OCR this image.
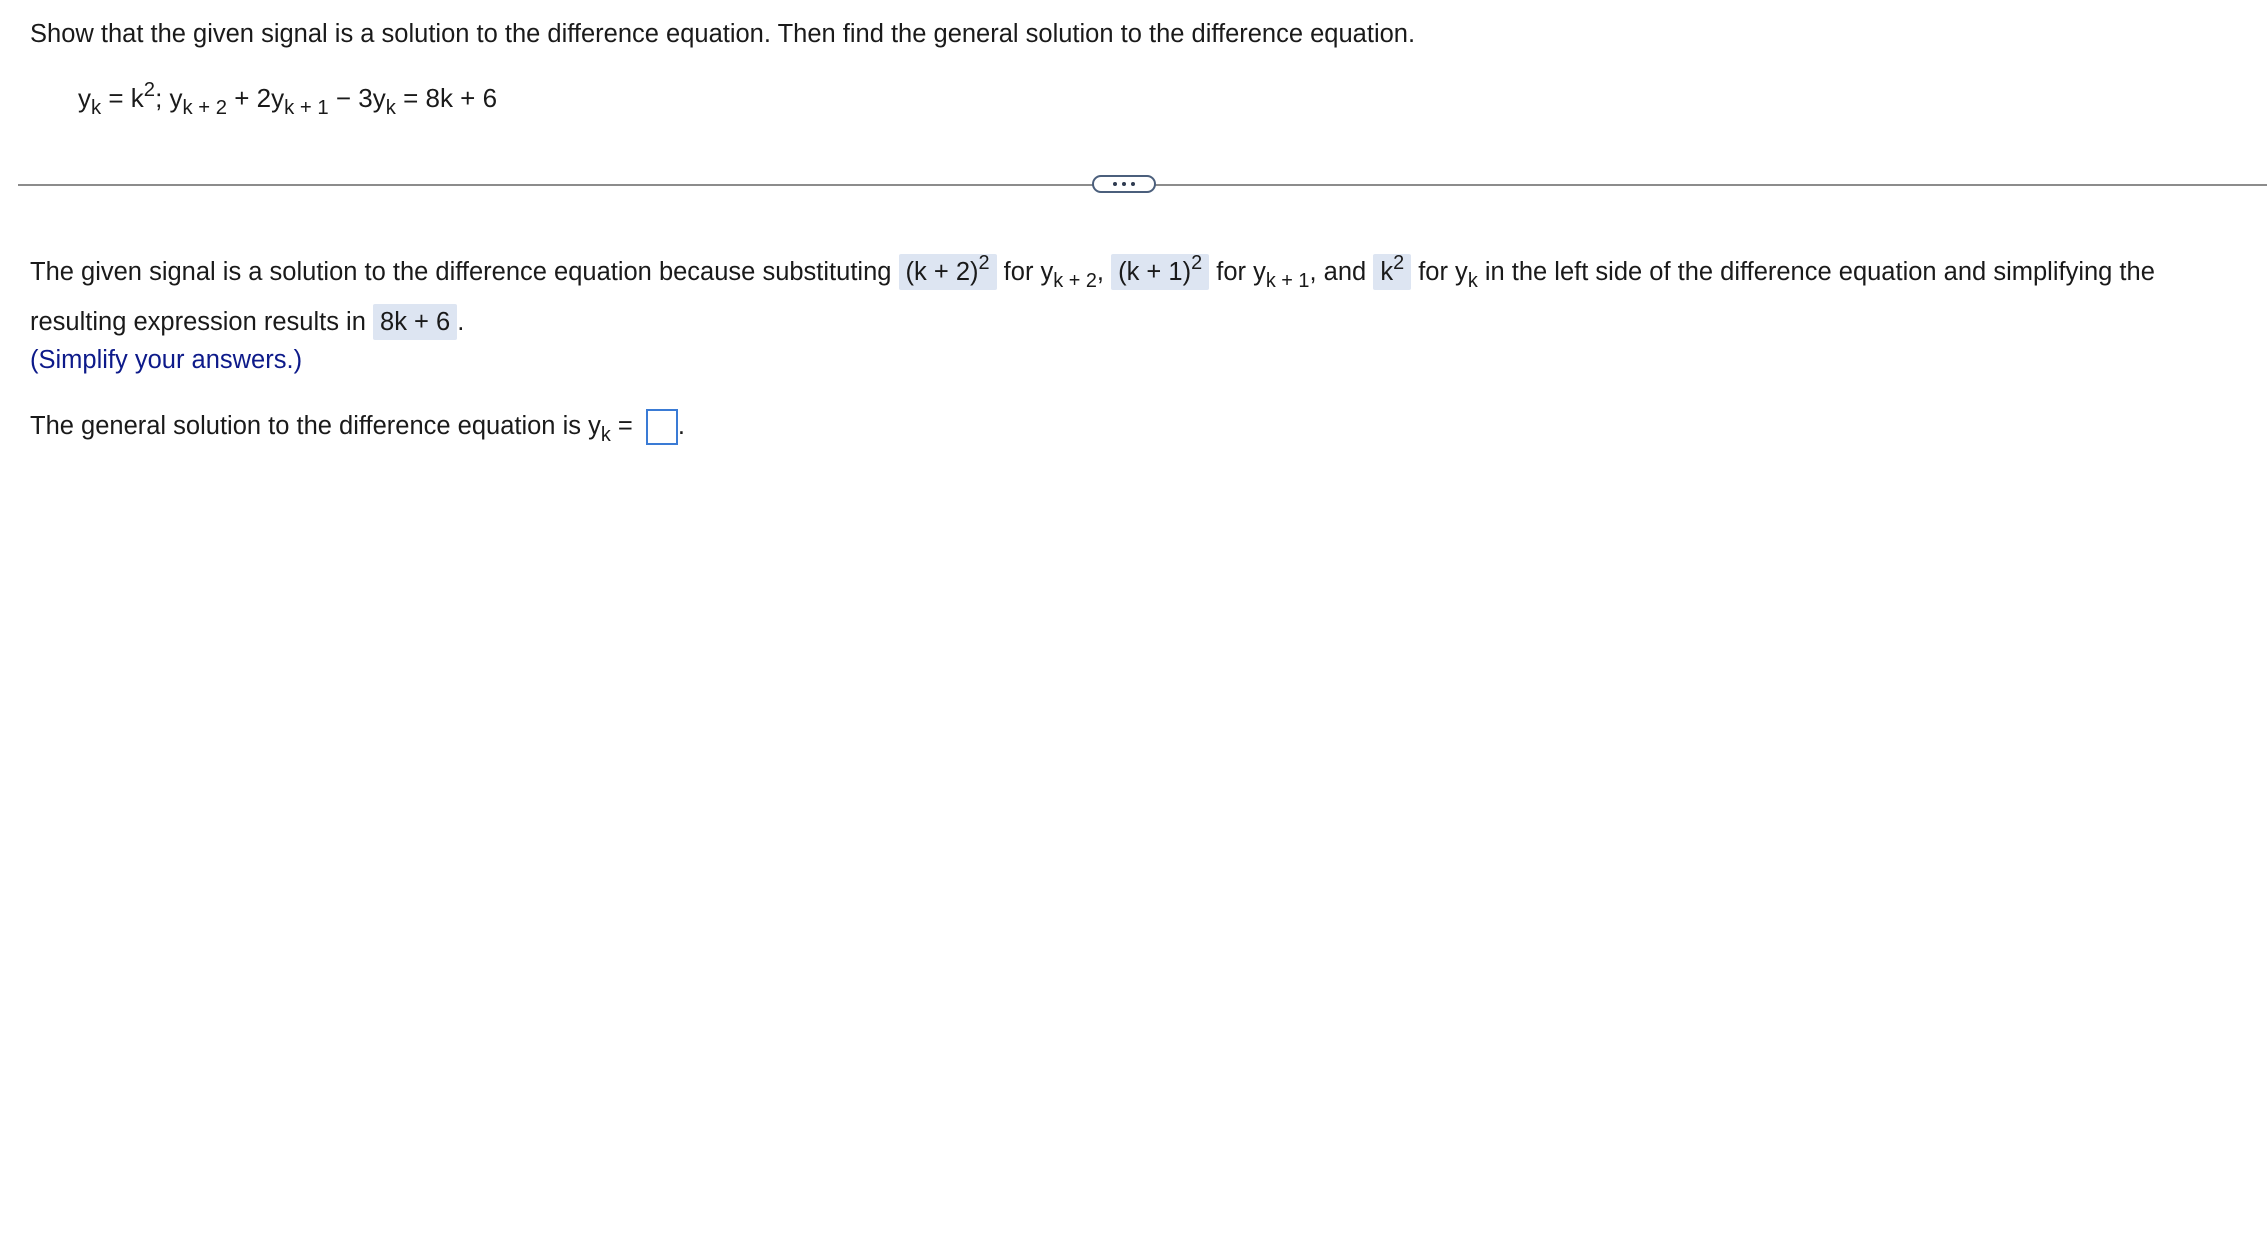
Show that the given signal is a solution to the difference equation. Then find the general solution to the difference equation.
$y_k = k^2$; $y_{k + 2} + 2y_{k + 1} - 3y_k = 8k + 6$
The given signal is a solution to the difference equation because substituting $(k + 2)^2$ for $y_{k + 2}$, $(k + 1)^2$ for $y_{k + 1}$, and $k^2$ for $y_k$ in the left side of the difference equation and simplifying the
resulting expression results in 8k + 6 .
(Simplify your answers.)
The general solution to the difference equation is $y_k$ = .
